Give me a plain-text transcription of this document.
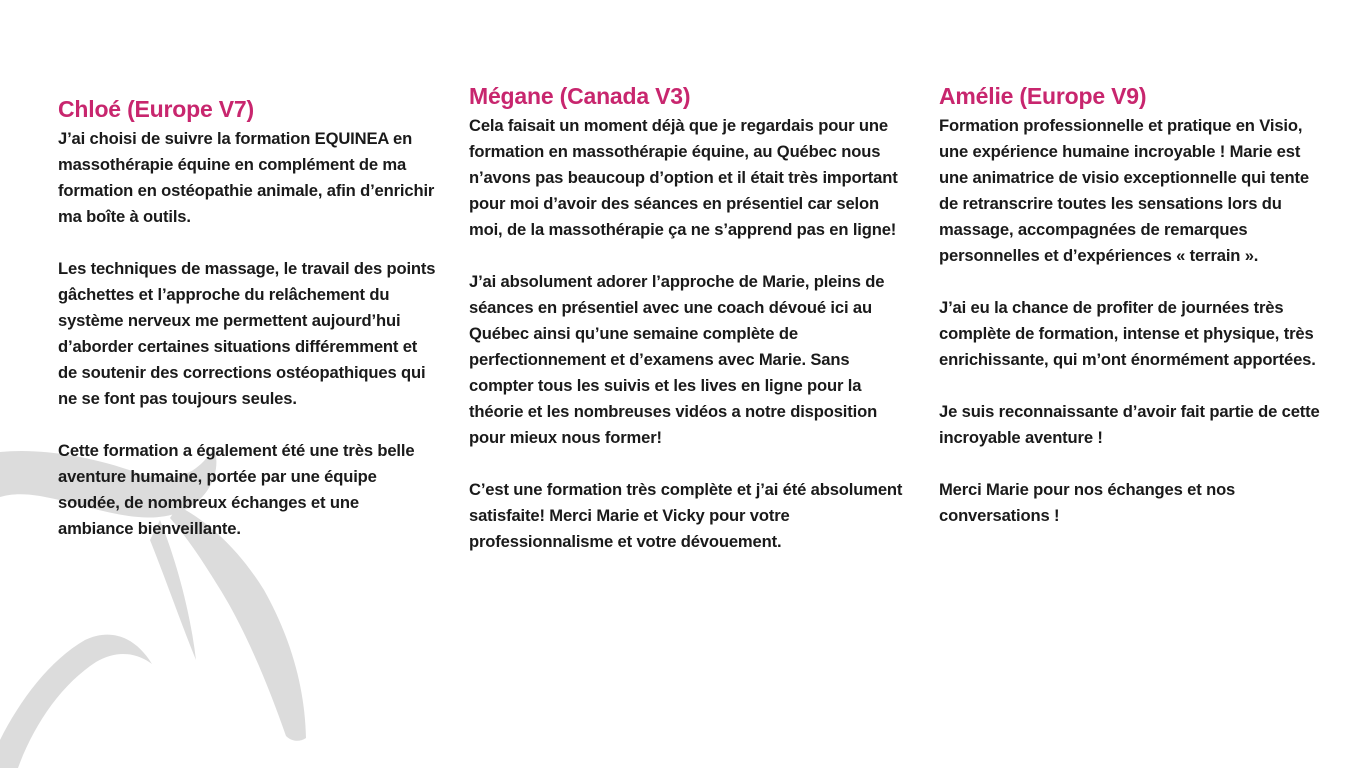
Chloé (Europe V7)

J’ai choisi de suivre la formation EQUINEA en massothérapie équine en complément de ma formation en ostéopathie animale, afin d’enrichir ma boîte à outils.

Les techniques de massage, le travail des points gâchettes et l’approche du relâchement du système nerveux me permettent aujourd’hui d’aborder certaines situations différemment et de soutenir des corrections ostéopathiques qui ne se font pas toujours seules.

Cette formation a également été une très belle aventure humaine, portée par une équipe soudée, de nombreux échanges et une ambiance bienveillante.

Mégane (Canada V3)

Cela faisait un moment déjà que je regardais pour une formation en massothérapie équine, au Québec nous n’avons pas beaucoup d’option et il était très important pour moi d’avoir des séances en présentiel car selon moi, de la massothérapie ça ne s’apprend pas en ligne!

J’ai absolument adorer l’approche de Marie, pleins de séances en présentiel avec une coach dévoué ici au Québec ainsi qu’une semaine complète de perfectionnement et d’examens avec Marie. Sans compter tous les suivis et les lives en ligne pour la théorie et les nombreuses vidéos a notre disposition pour mieux nous former!

C’est une formation très complète et j’ai été absolument satisfaite! Merci Marie et Vicky pour votre professionnalisme et votre dévouement.

Amélie (Europe V9)

Formation professionnelle et pratique en Visio, une expérience humaine incroyable ! Marie est une animatrice de visio exceptionnelle qui tente de retranscrire toutes les sensations lors du massage, accompagnées de remarques personnelles et d’expériences « terrain ».

J’ai eu la chance de profiter de journées très complète de formation, intense et physique, très enrichissante, qui m’ont énormément apportées.

Je suis reconnaissante d’avoir fait partie de cette incroyable aventure !

Merci Marie pour nos échanges et nos conversations !
